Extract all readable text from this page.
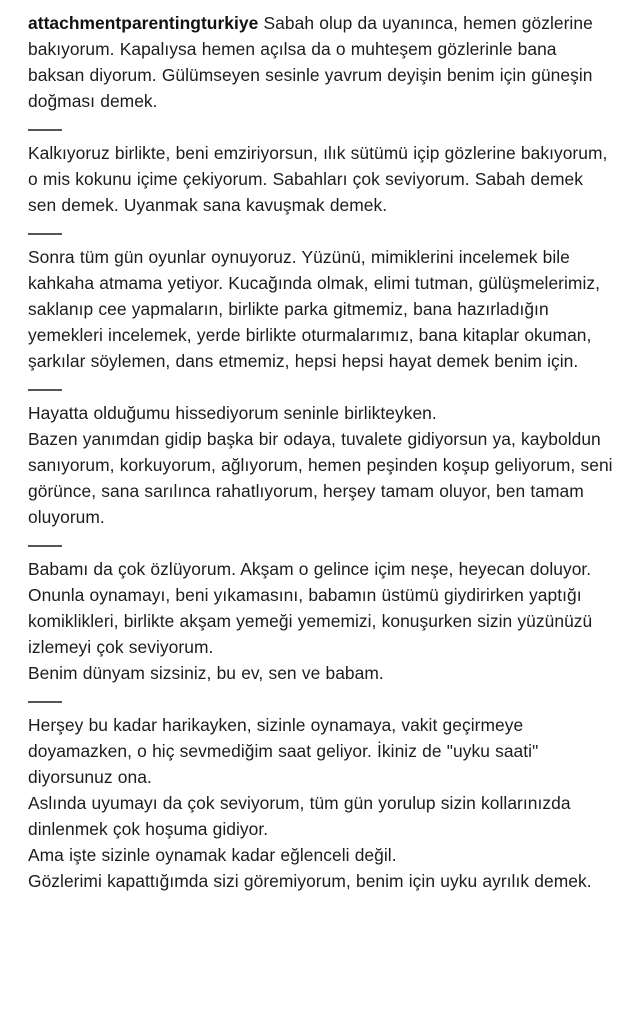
attachmentparentingturkiye Sabah olup da uyanınca, hemen gözlerine bakıyorum. Kapalıysa hemen açılsa da o muhteşem gözlerinle bana baksan diyorum. Gülümseyen sesinle yavrum deyişin benim için güneşin doğması demek.

Kalkıyoruz birlikte, beni emziriyorsun, ılık sütümü içip gözlerine bakıyorum, o mis kokunu içime çekiyorum. Sabahları çok seviyorum. Sabah demek sen demek. Uyanmak sana kavuşmak demek.

Sonra tüm gün oyunlar oynuyoruz. Yüzünü, mimiklerini incelemek bile kahkaha atmama yetiyor. Kucağında olmak, elimi tutman, gülüşmelerimiz, saklanıp cee yapmaların, birlikte parka gitmemiz, bana hazırladığın yemekleri incelemek, yerde birlikte oturmalarımız, bana kitaplar okuman, şarkılar söylemen, dans etmemiz, hepsi hepsi hayat demek benim için.

Hayatta olduğumu hissediyorum seninle birlikteyken.

Bazen yanımdan gidip başka bir odaya, tuvalete gidiyorsun ya, kayboldun sanıyorum, korkuyorum, ağlıyorum, hemen peşinden koşup geliyorum, seni görünce, sana sarılınca rahatlıyorum, herşey tamam oluyor, ben tamam oluyorum.

Babamı da çok özlüyorum. Akşam o gelince içim neşe, heyecan doluyor.

Onunla oynamayı, beni yıkamasını, babamın üstümü giydirirken yaptığı komiklikleri, birlikte akşam yemeği yememizi, konuşurken sizin yüzünüzü izlemeyi çok seviyorum.

Benim dünyam sizsiniz, bu ev, sen ve babam.

Herşey bu kadar harikayken, sizinle oynamaya, vakit geçirmeye doyamazken, o hiç sevmediğim saat geliyor. İkiniz de "uyku saati" diyorsunuz ona.

Aslında uyumayı da çok seviyorum, tüm gün yorulup sizin kollarınızda dinlenmek çok hoşuma gidiyor.

Ama işte sizinle oynamak kadar eğlenceli değil.

Gözlerimi kapattığımda sizi göremiyorum, benim için uyku ayrılık demek.
